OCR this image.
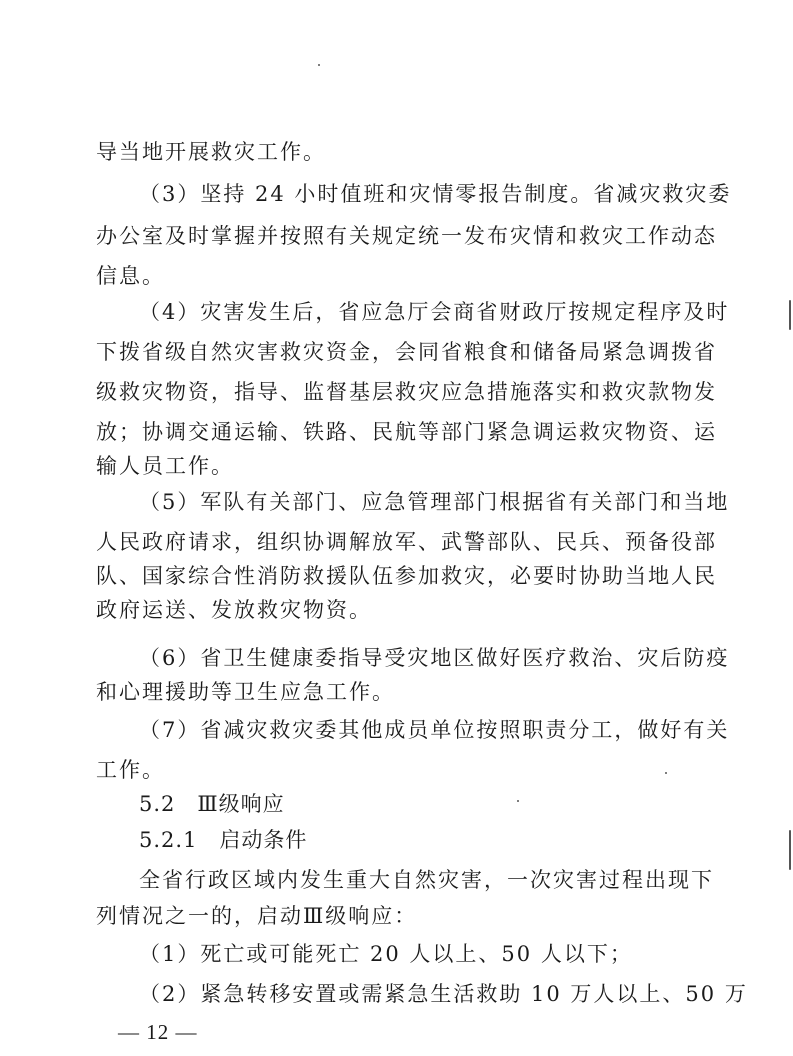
导当地开展救灾工作。
（3）坚持 24 小时值班和灾情零报告制度。省减灾救灾委
办公室及时掌握并按照有关规定统一发布灾情和救灾工作动态
信息。
（4）灾害发生后，省应急厅会商省财政厅按规定程序及时
下拨省级自然灾害救灾资金，会同省粮食和储备局紧急调拨省
级救灾物资，指导、监督基层救灾应急措施落实和救灾款物发
放；协调交通运输、铁路、民航等部门紧急调运救灾物资、运
输人员工作。
（5）军队有关部门、应急管理部门根据省有关部门和当地
人民政府请求，组织协调解放军、武警部队、民兵、预备役部
队、国家综合性消防救援队伍参加救灾，必要时协助当地人民
政府运送、发放救灾物资。
（6）省卫生健康委指导受灾地区做好医疗救治、灾后防疫
和心理援助等卫生应急工作。
（7）省减灾救灾委其他成员单位按照职责分工，做好有关
工作。
5.2　Ⅲ级响应
5.2.1　启动条件
全省行政区域内发生重大自然灾害，一次灾害过程出现下
列情况之一的，启动Ⅲ级响应：
（1）死亡或可能死亡 20 人以上、50 人以下；
（2）紧急转移安置或需紧急生活救助 10 万人以上、50 万
— 12 —
